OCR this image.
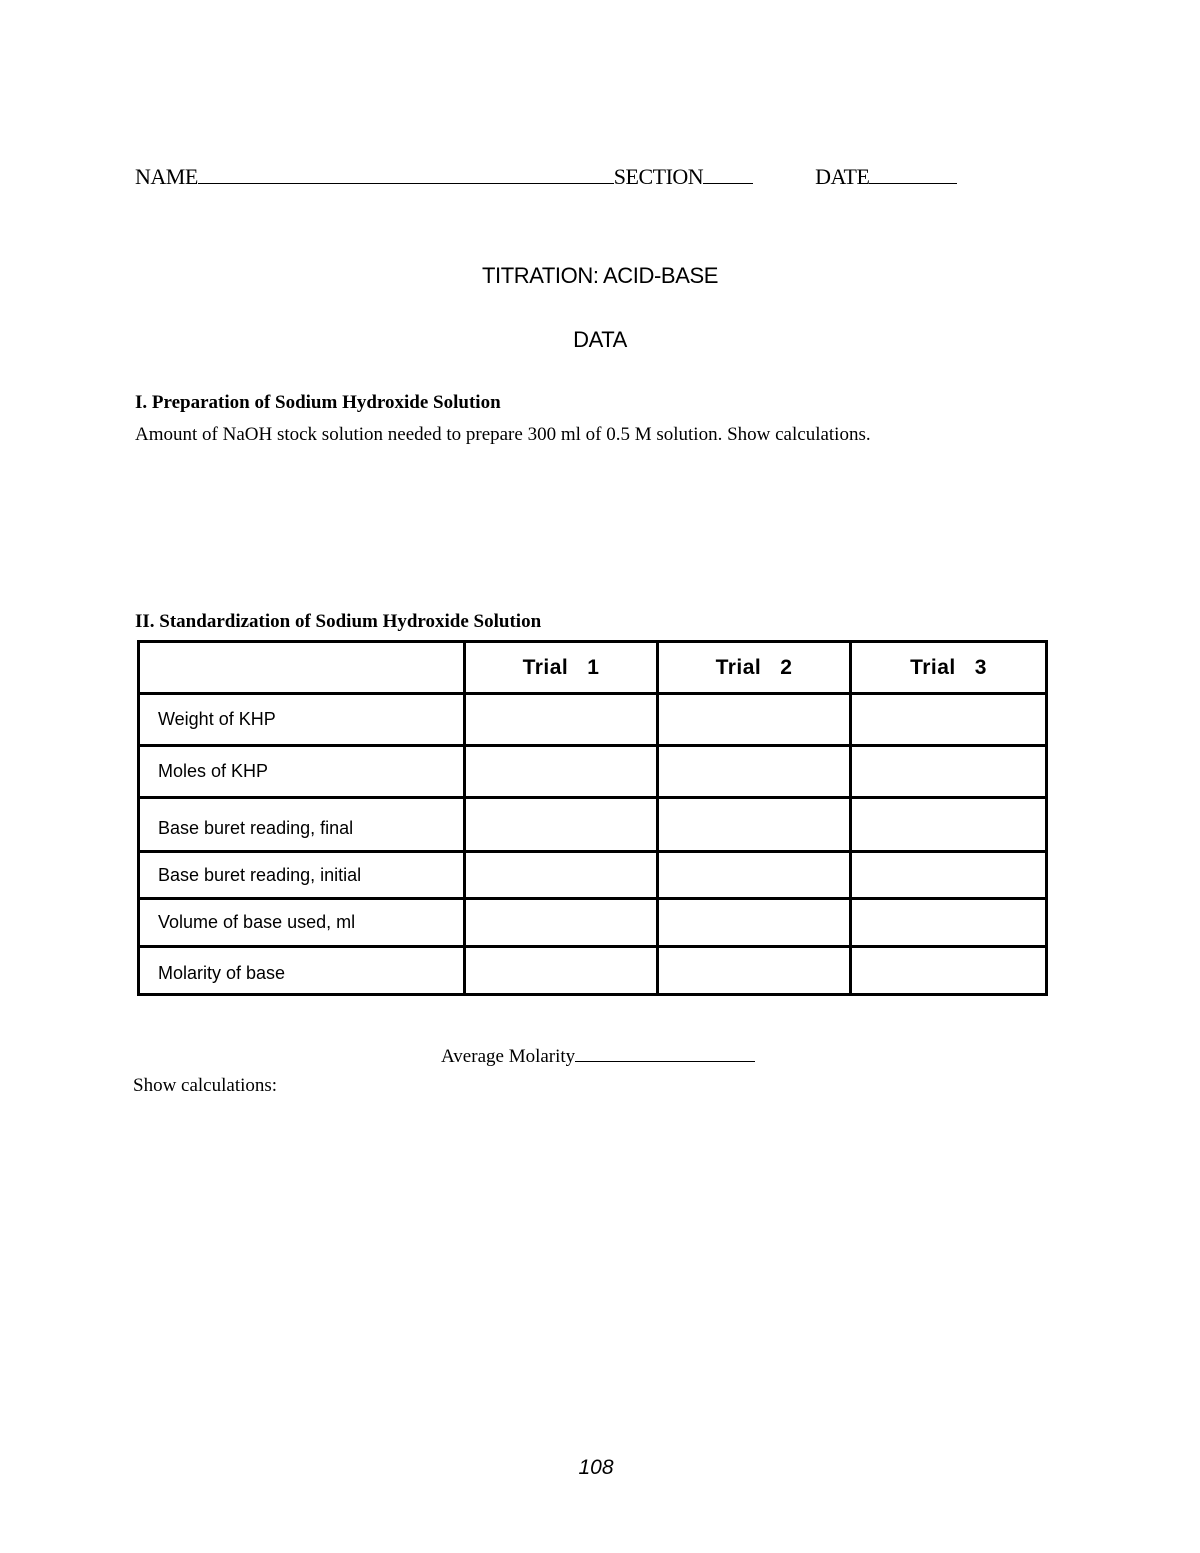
NAME	SECTION	DATE
TITRATION: ACID-BASE
DATA
I. Preparation of Sodium Hydroxide Solution
Amount of NaOH stock solution needed to prepare 300 ml of 0.5 M solution. Show calculations.
II. Standardization of Sodium Hydroxide Solution
	Trial   1	Trial   2	Trial   3
Weight of KHP			
Moles of KHP			
Base buret reading, final			
Base buret reading, initial			
Volume of base used, ml			
Molarity of base			
Average Molarity
Show calculations:
108
